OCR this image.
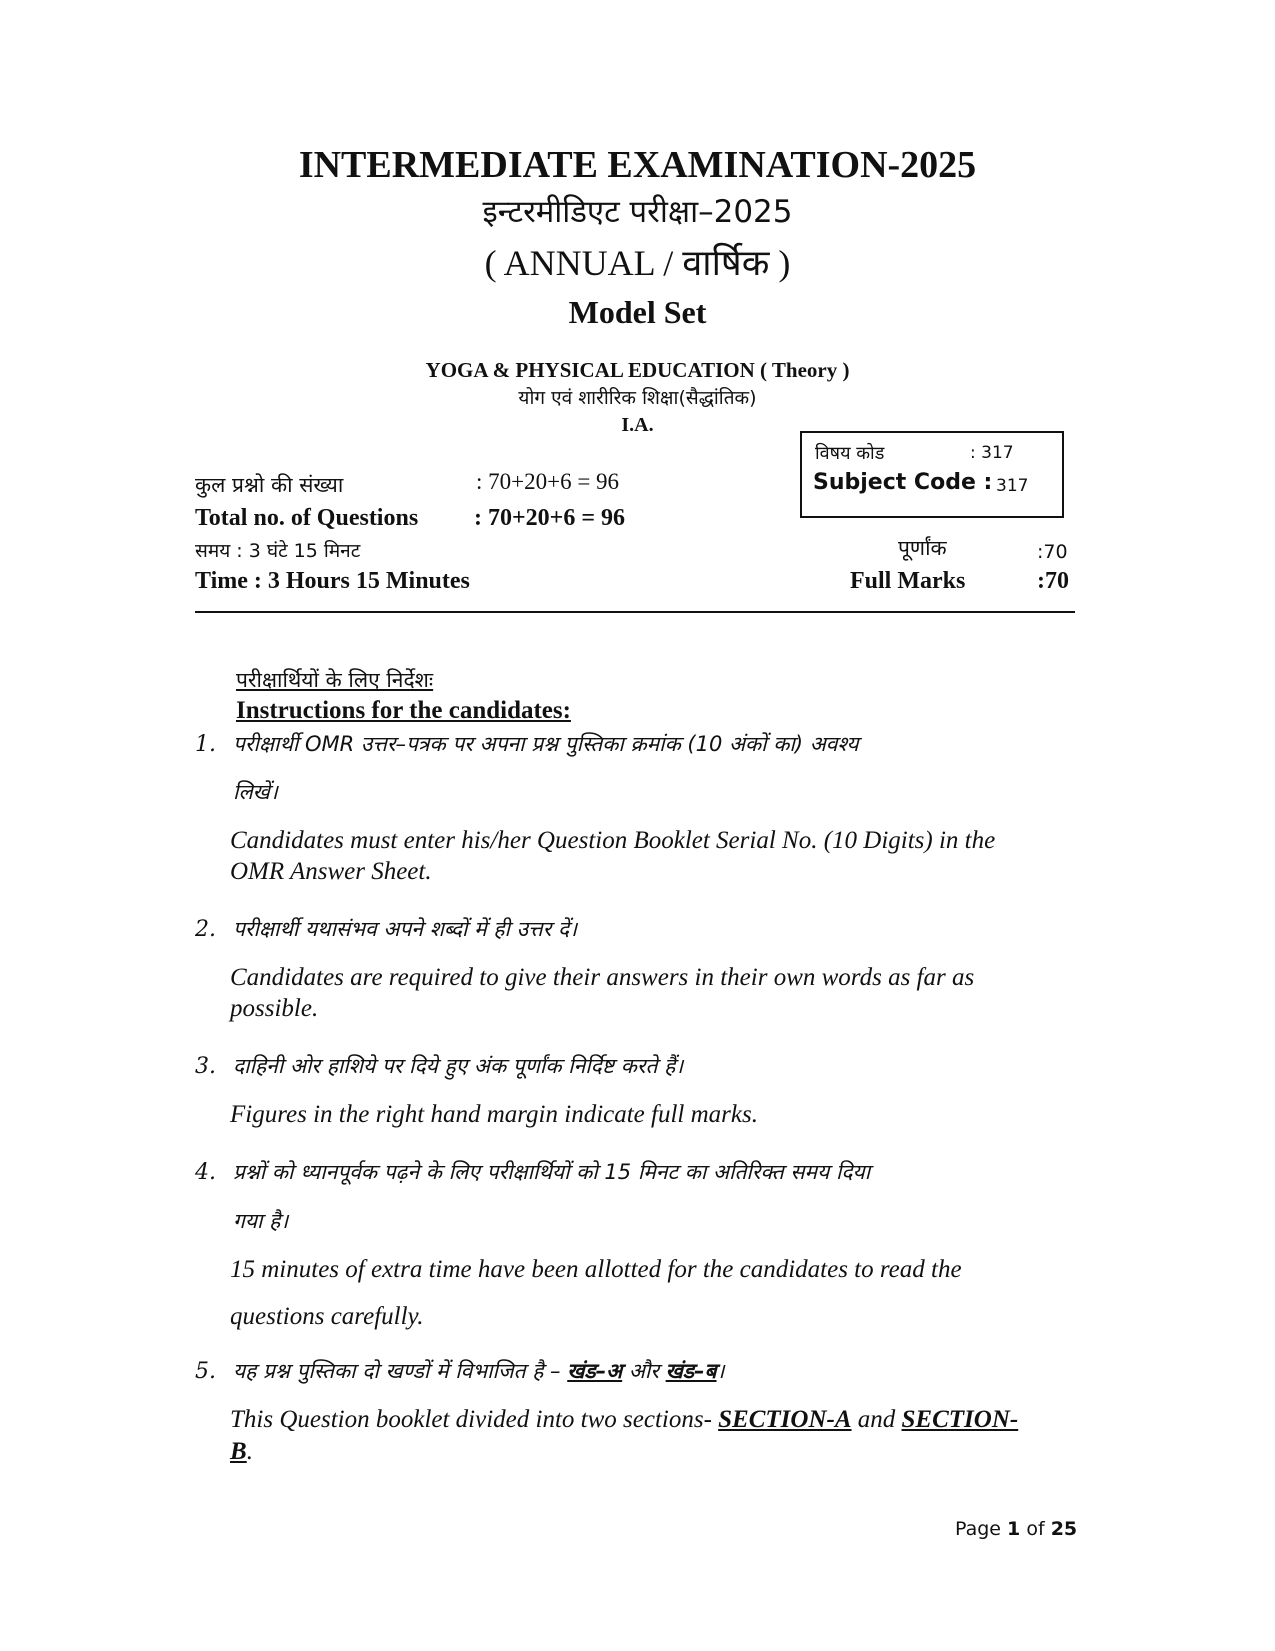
INTERMEDIATE EXAMINATION-2025
इन्टरमीडिएट परीक्षा–2025
( ANNUAL / वार्षिक )
Model Set
YOGA & PHYSICAL EDUCATION ( Theory )
योग एवं शारीरिक शिक्षा(सैद्धांतिक)
I.A.
विषय कोड	: 317
Subject Code : 317
कुल प्रश्नो की संख्या	: 70+20+6 = 96
Total no. of Questions : 70+20+6 = 96
समय : 3 घंटे 15 मिनट
Time : 3 Hours 15 Minutes
पूर्णांक	:70
Full Marks	:70
परीक्षार्थियों के लिए निर्देशः
Instructions for the candidates:
1. परीक्षार्थी OMR उत्तर–पत्रक पर अपना प्रश्न पुस्तिका क्रमांक (10 अंकों का) अवश्य
लिखें।
Candidates must enter his/her Question Booklet Serial No. (10 Digits) in the
OMR Answer Sheet.
2. परीक्षार्थी यथासंभव अपने शब्दों में ही उत्तर दें।
Candidates are required to give their answers in their own words as far as
possible.
3. दाहिनी ओर हाशिये पर दिये हुए अंक पूर्णांक निर्दिष्ट करते हैं।
Figures in the right hand margin indicate full marks.
4. प्रश्नों को ध्यानपूर्वक पढ़ने के लिए परीक्षार्थियों को 15 मिनट का अतिरिक्त समय दिया
गया है।
15 minutes of extra time have been allotted for the candidates to read the
questions carefully.
5. यह प्रश्न पुस्तिका दो खण्डों में विभाजित है – खंड–अ और खंड–ब।
This Question booklet divided into two sections- SECTION-A and SECTION-
B.
Page 1 of 25
